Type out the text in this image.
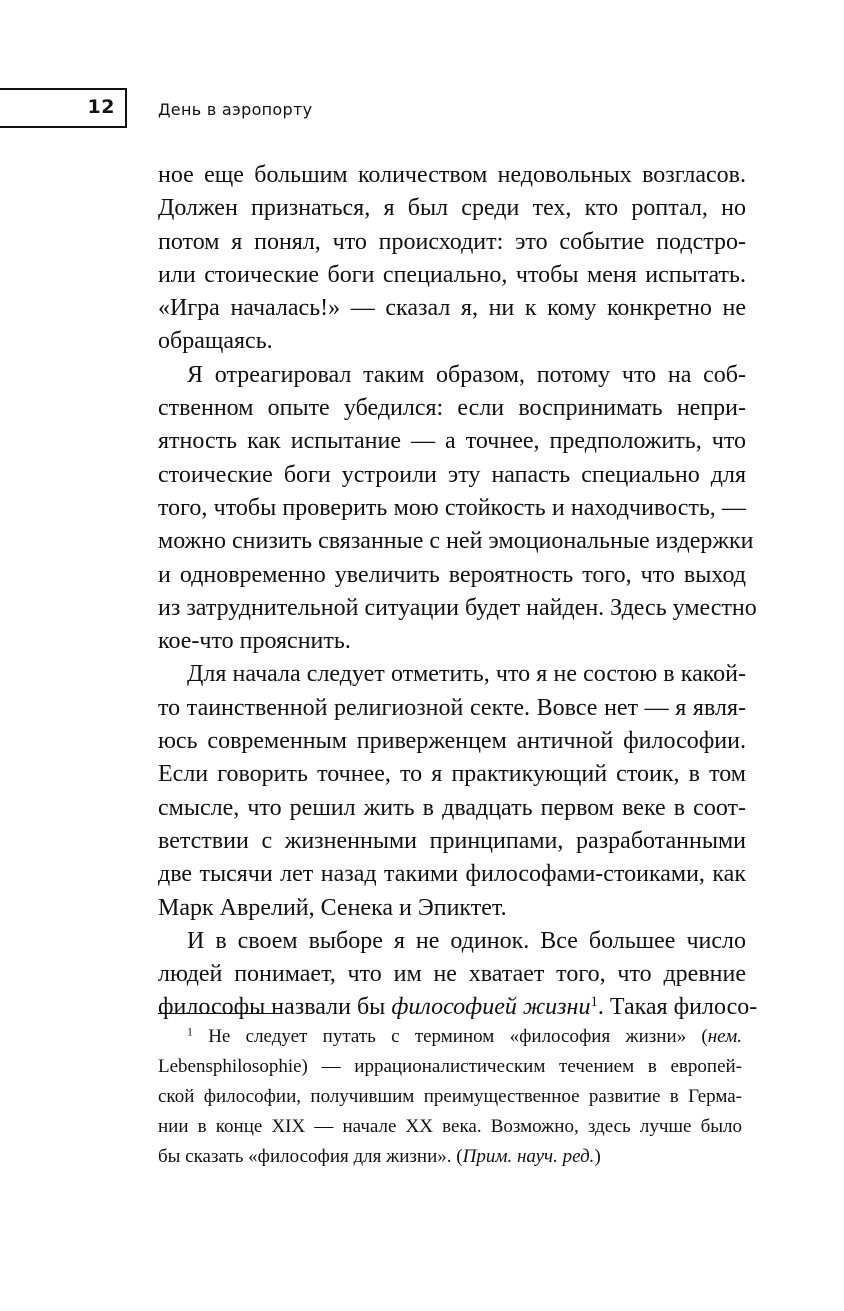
12	День в аэропорту

ное еще большим количеством недовольных возгласов.
Должен признаться, я был среди тех, кто роптал, но
потом я понял, что происходит: это событие подстро-
или стоические боги специально, чтобы меня испытать.
«Игра началась!» — сказал я, ни к кому конкретно не
обращаясь.

Я отреагировал таким образом, потому что на соб-
ственном опыте убедился: если воспринимать непри-
ятность как испытание — а точнее, предположить, что
стоические боги устроили эту напасть специально для
того, чтобы проверить мою стойкость и находчивость, —
можно снизить связанные с ней эмоциональные издержки
и одновременно увеличить вероятность того, что выход
из затруднительной ситуации будет найден. Здесь уместно
кое-что прояснить.

Для начала следует отметить, что я не состою в какой-
то таинственной религиозной секте. Вовсе нет — я явля-
юсь современным приверженцем античной философии.
Если говорить точнее, то я практикующий стоик, в том
смысле, что решил жить в двадцать первом веке в соот-
ветствии с жизненными принципами, разработанными
две тысячи лет назад такими философами-стоиками, как
Марк Аврелий, Сенека и Эпиктет.

И в своем выборе я не одинок. Все большее число
людей понимает, что им не хватает того, что древние
философы назвали бы философией жизни$^1$. Такая филосо-

$^1$ Не следует путать с термином «философия жизни» (нем.
Lebensphilosophie) — иррационалистическим течением в европей-
ской философии, получившим преимущественное развитие в Герма-
нии в конце XIX — начале XX века. Возможно, здесь лучше было
бы сказать «философия для жизни». (Прим. науч. ред.)
